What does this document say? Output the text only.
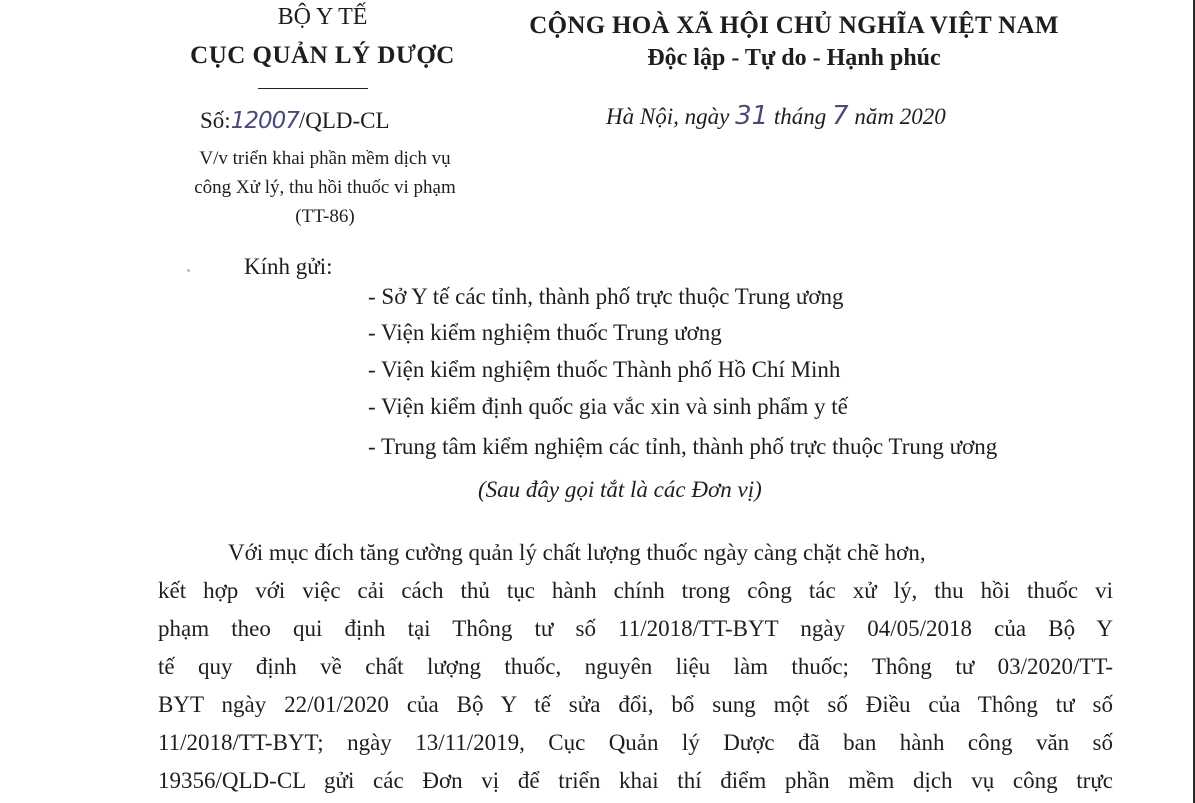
BỘ Y TẾ
CỤC QUẢN LÝ DƯỢC
CỘNG HOÀ XÃ HỘI CHỦ NGHĨA VIỆT NAM
Độc lập - Tự do - Hạnh phúc
Số:12007/QLD-CL
V/v triển khai phần mềm dịch vụ
công Xử lý, thu hồi thuốc vi phạm
(TT-86)
Hà Nội, ngày 31 tháng 7 năm 2020
Kính gửi:
- Sở Y tế các tỉnh, thành phố trực thuộc Trung ương
- Viện kiểm nghiệm thuốc Trung ương
- Viện kiểm nghiệm thuốc Thành phố Hồ Chí Minh
- Viện kiểm định quốc gia vắc xin và sinh phẩm y tế
- Trung tâm kiểm nghiệm các tỉnh, thành phố trực thuộc Trung ương
(Sau đây gọi tắt là các Đơn vị)
Với mục đích tăng cường quản lý chất lượng thuốc ngày càng chặt chẽ hơn,
kết hợp với việc cải cách thủ tục hành chính trong công tác xử lý, thu hồi thuốc vi
phạm theo qui định tại Thông tư số 11/2018/TT-BYT ngày 04/05/2018 của Bộ Y
tế quy định về chất lượng thuốc, nguyên liệu làm thuốc; Thông tư 03/2020/TT-
BYT ngày 22/01/2020 của Bộ Y tế sửa đổi, bổ sung một số Điều của Thông tư số
11/2018/TT-BYT; ngày 13/11/2019, Cục Quản lý Dược đã ban hành công văn số
19356/QLD-CL gửi các Đơn vị để triển khai thí điểm phần mềm dịch vụ công trực
